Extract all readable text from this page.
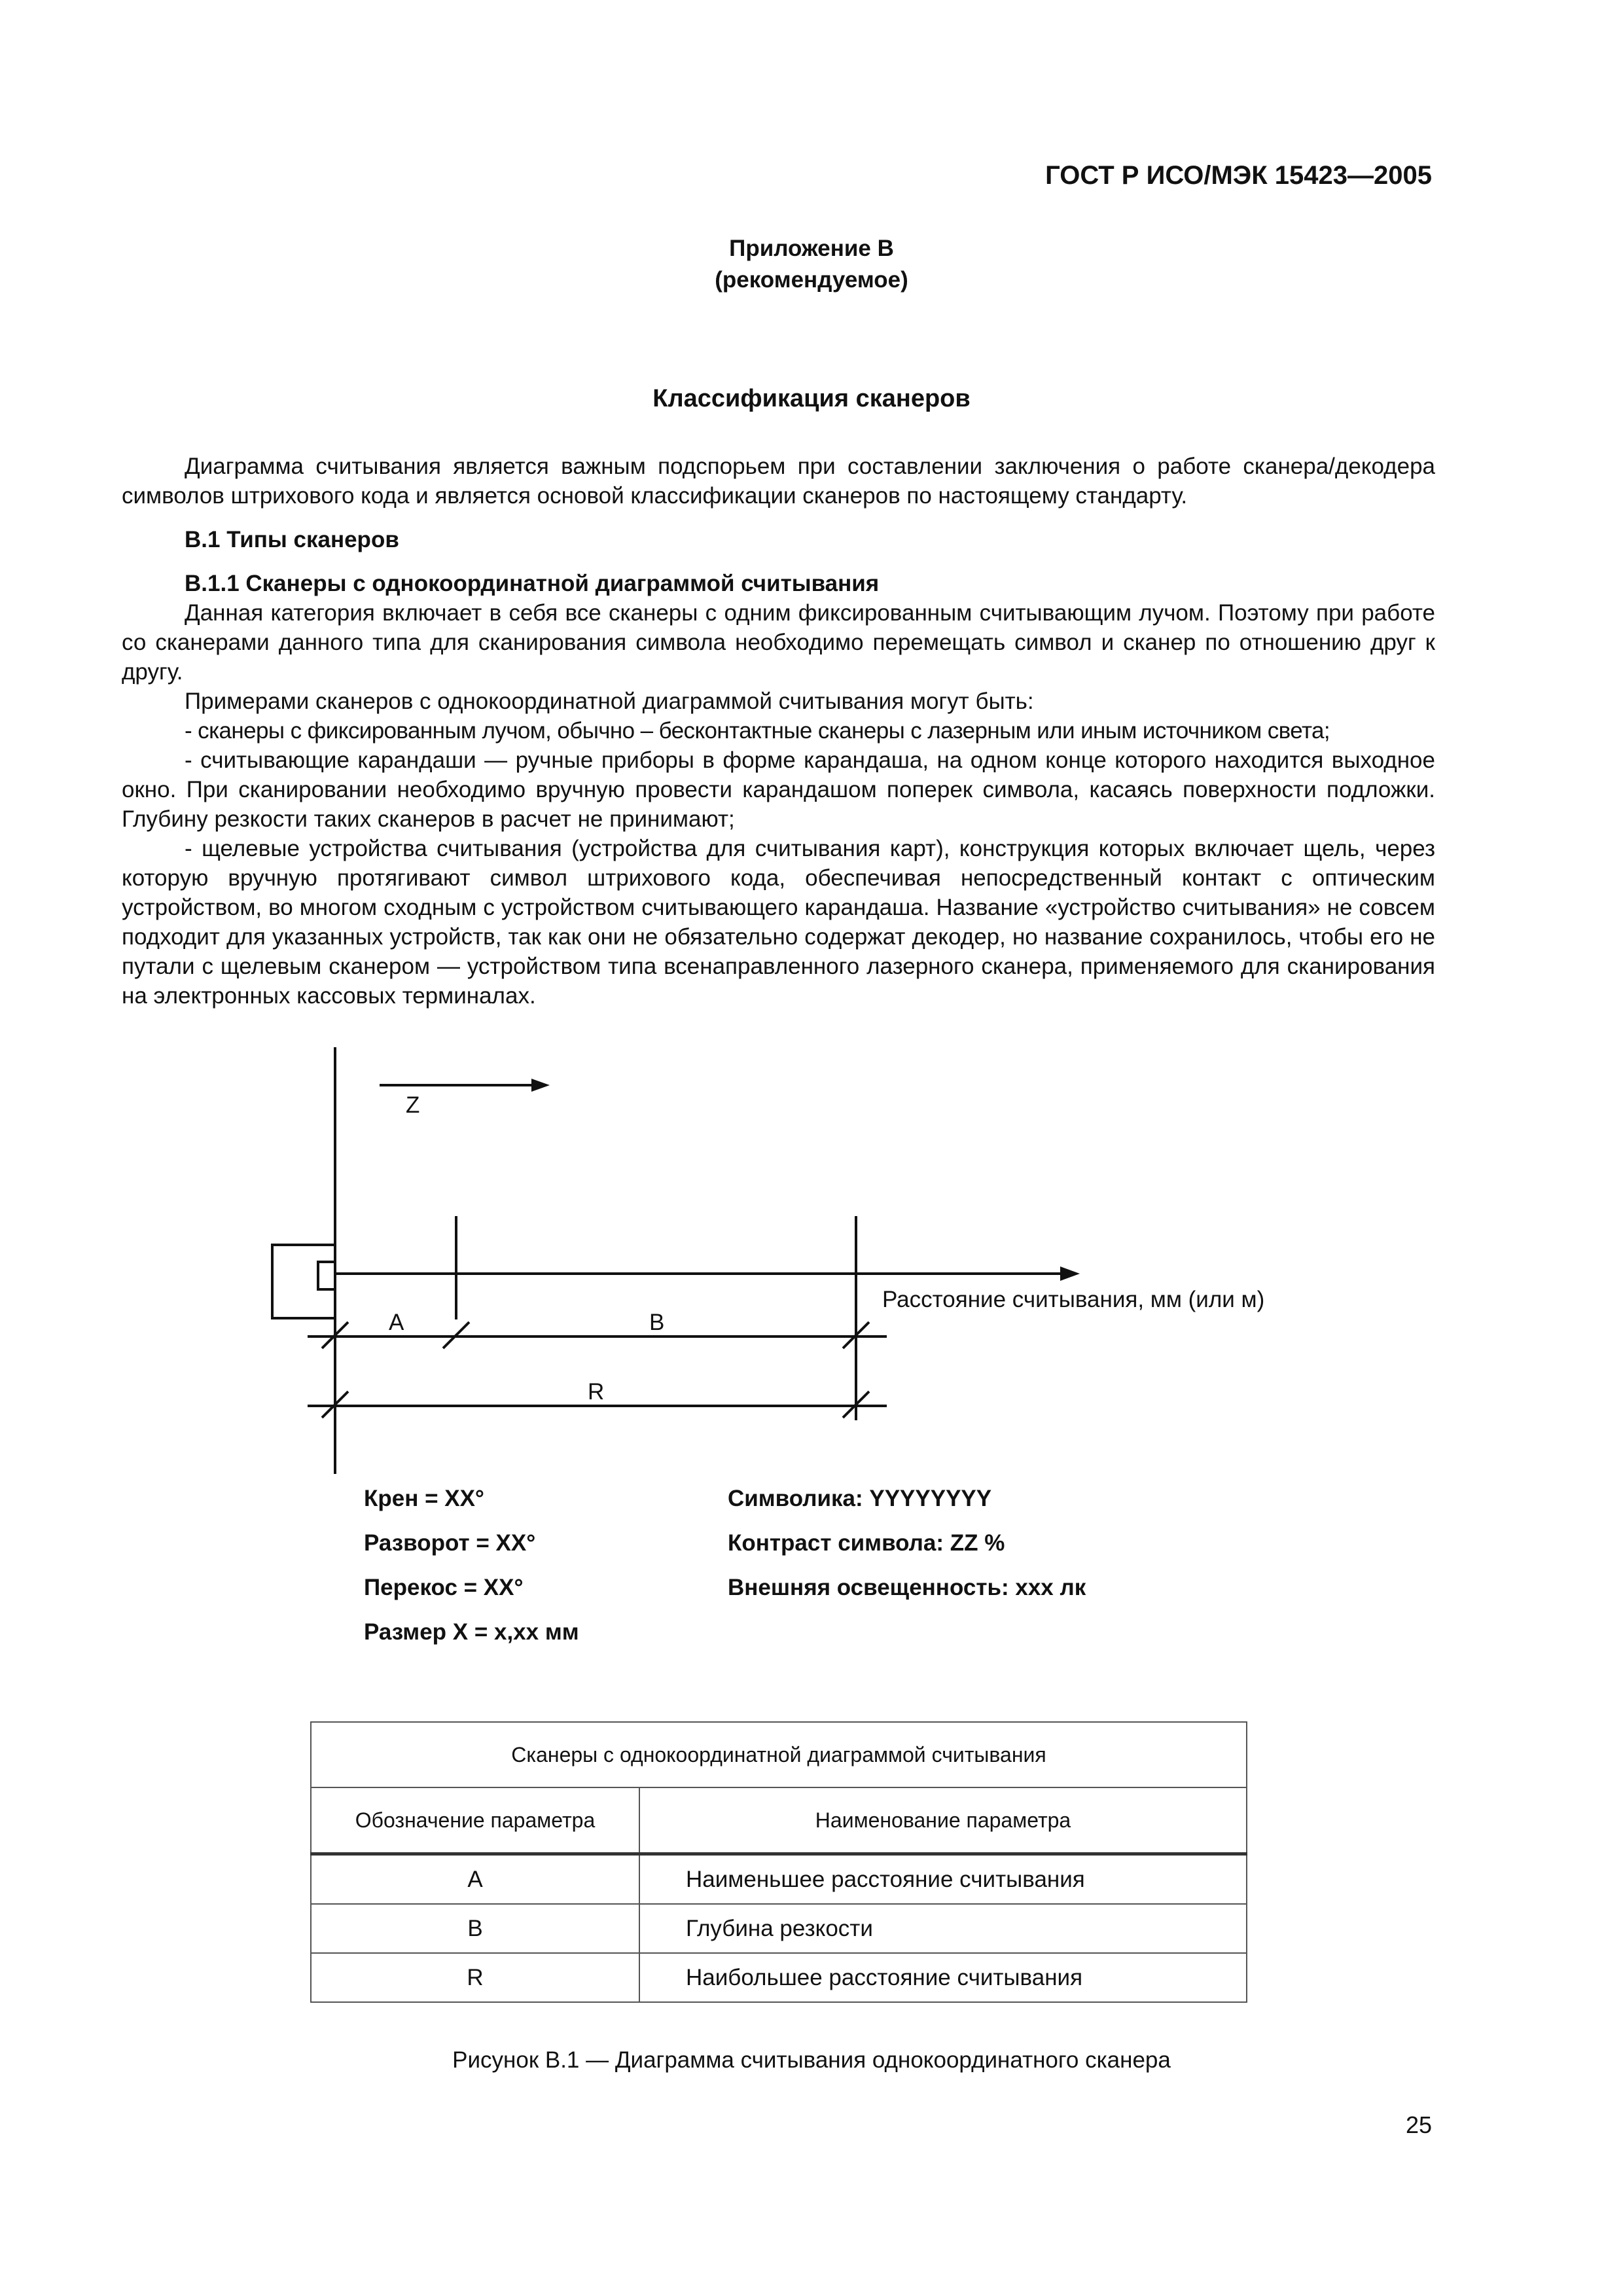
ГОСТ Р ИСО/МЭК 15423—2005
Приложение В
(рекомендуемое)
Классификация сканеров

Диаграмма считывания является важным подспорьем при составлении заключения о работе сканера/декодера символов штрихового кода и является основой классификации сканеров по настоящему стандарту.

В.1 Типы сканеров

В.1.1 Сканеры с однокоординатной диаграммой считывания

Данная категория включает в себя все сканеры с одним фиксированным считывающим лучом. Поэтому при работе со сканерами данного типа для сканирования символа необходимо перемещать символ и сканер по отношению друг к другу.

Примерами сканеров с однокоординатной диаграммой считывания могут быть:

- сканеры с фиксированным лучом, обычно – бесконтактные сканеры с лазерным или иным источником света;

- считывающие карандаши — ручные приборы в форме карандаша, на одном конце которого находится выходное окно. При сканировании необходимо вручную провести карандашом поперек символа, касаясь поверхности подложки. Глубину резкости таких сканеров в расчет не принимают;

- щелевые устройства считывания (устройства для считывания карт), конструкция которых включает щель, через которую вручную протягивают символ штрихового кода, обеспечивая непосредственный контакт с оптическим устройством, во многом сходным с устройством считывающего карандаша. Название «устройство считывания» не совсем подходит для указанных устройств, так как они не обязательно содержат декодер, но название сохранилось, чтобы его не путали с щелевым сканером — устройством типа всенаправленного лазерного сканера, применяемого для сканирования на электронных кассовых терминалах.

Z
Расстояние считывания, мм (или м)
A	B
R
Крен = ХХ°
Разворот = ХХ°
Перекос = ХХ°
Размер X = х,хх мм
Символика: YYYYYYYY
Контраст символа: ZZ %
Внешняя освещенность: ххх лк
Сканеры с однокоординатной диаграммой считывания	
Обозначение параметра	Наименование параметра
A	Наименьшее расстояние считывания
B	Глубина резкости
R	Наибольшее расстояние считывания
Рисунок В.1 — Диаграмма считывания однокоординатного сканера
25
